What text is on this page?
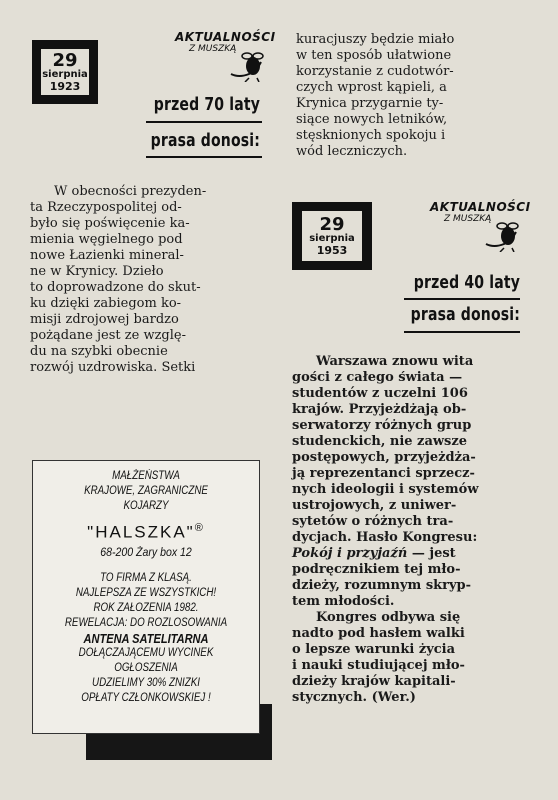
29
sierpnia
1923
AKTUALNOŚCI
Z MUSZKĄ
przed 70 laty
prasa donosi:

W obecności prezyden-

ta Rzeczypospolitej od-

było się poświęcenie ka-

mienia węgielnego pod

nowe Łazienki mineral-

ne w Krynicy. Dzieło

to doprowadzone do skut-

ku dzięki zabiegom ko-

misji zdrojowej bardzo

pożądane jest ze wzglę-

du na szybki obecnie

rozwój uzdrowiska. Setki

MAŁŻEŃSTWA
KRAJOWE, ZAGRANICZNE
KOJARZY
"HALSZKA"®
68-200 Żary box 12
TO FIRMA Z KLASĄ.
NAJLEPSZA ZE WSZYSTKICH!
ROK ZAŁOŻENIA 1982.
REWELACJA: DO ROZLOSOWANIA
ANTENA SATELITARNA
DOŁĄCZAJĄCEMU WYCINEK
OGŁOSZENIA
UDZIELIMY 30% ZNIŻKI
OPŁATY CZŁONKOWSKIEJ !

kuracjuszy będzie miało

w ten sposób ułatwione

korzystanie z cudotwór-

czych wprost kąpieli, a

Krynica przygarnie ty-

siące nowych letników,

stęsknionych spokoju i

wód leczniczych.

29
sierpnia
1953
AKTUALNOŚCI
Z MUSZKĄ
przed 40 laty
prasa donosi:

Warszawa znowu wita

gości z całego świata —

studentów z uczelni 106

krajów. Przyjeżdżają ob-

serwatorzy różnych grup

studenckich, nie zawsze

postępowych, przyjeżdża-

ją reprezentanci sprzecz-

nych ideologii i systemów

ustrojowych, z uniwer-

sytetów o różnych tra-

dycjach. Hasło Kongresu:

Pokój i przyjaźń — jest

podręcznikiem tej mło-

dzieży, rozumnym skryp-

tem młodości.

Kongres odbywa się

nadto pod hasłem walki

o lepsze warunki życia

i nauki studiującej mło-

dzieży krajów kapitali-

stycznych. (Wer.)
